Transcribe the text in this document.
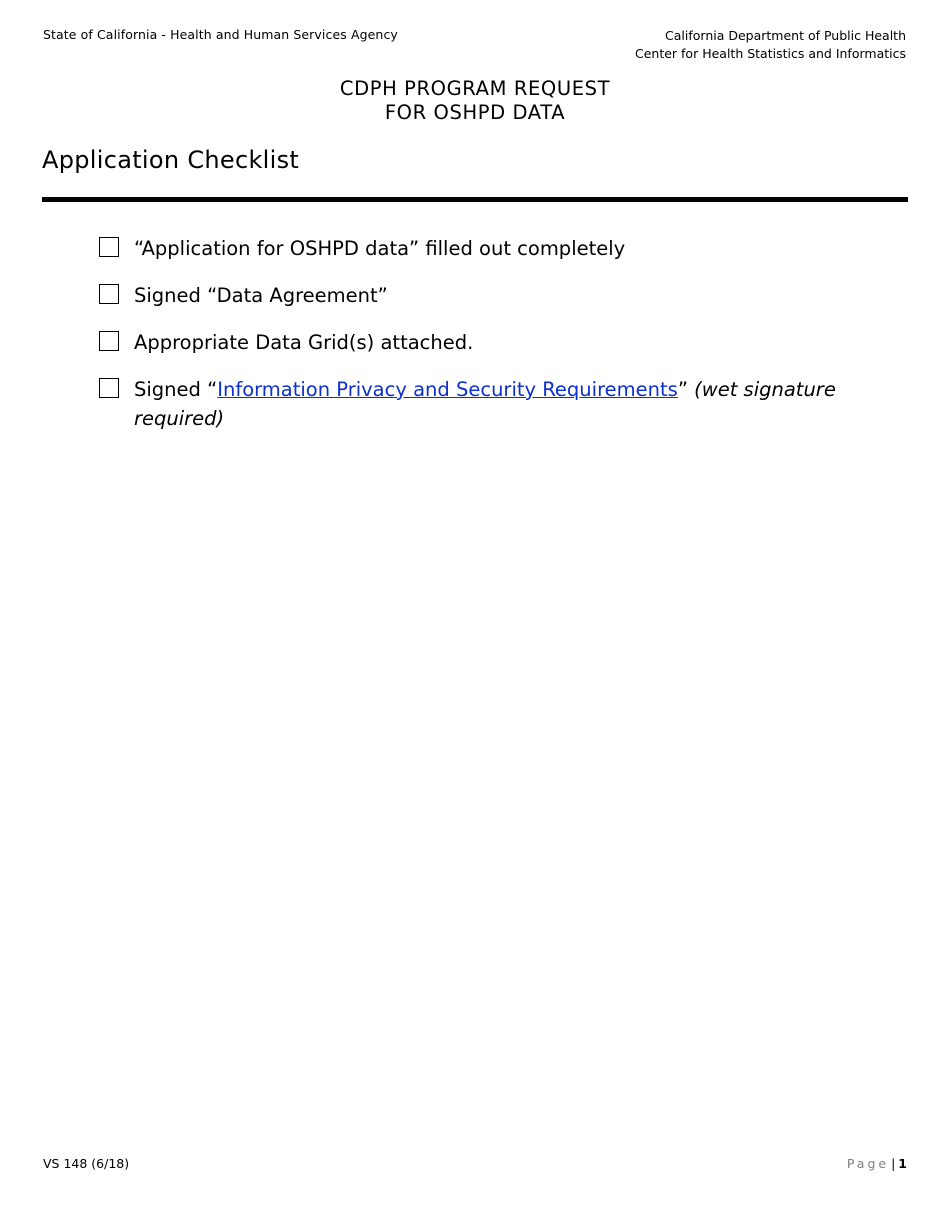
State of California - Health and Human Services Agency	California Department of Public Health
Center for Health Statistics and Informatics
CDPH PROGRAM REQUEST
FOR OSHPD DATA
Application Checklist
“Application for OSHPD data” filled out completely
Signed “Data Agreement”
Appropriate Data Grid(s) attached.
Signed “Information Privacy and Security Requirements” (wet signature required)
VS 148 (6/18)	Page | 1
